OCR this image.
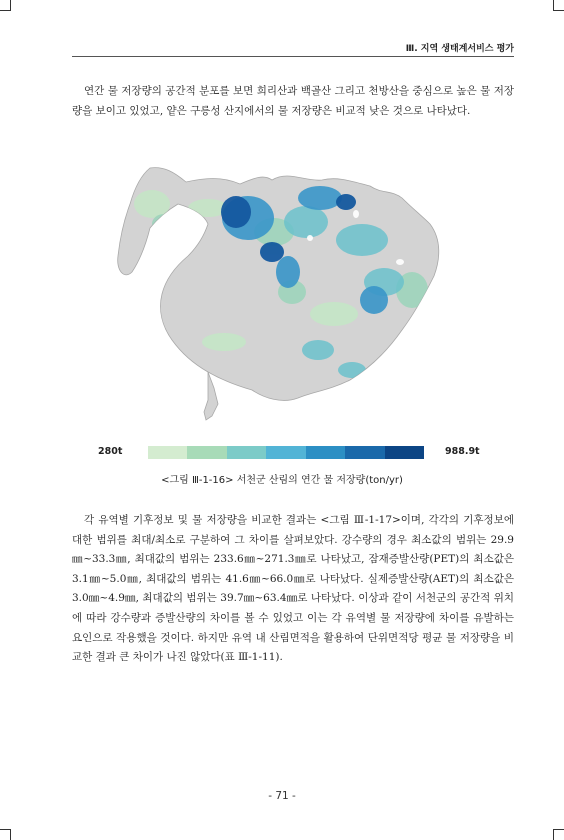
Ⅲ. 지역 생태계서비스 평가

연간 물 저장량의 공간적 분포를 보면 희리산과 백골산 그리고 천방산을 중심으로 높은 물 저장량을 보이고 있었고, 얕은 구릉성 산지에서의 물 저장량은 비교적 낮은 것으로 나타났다.

280t	988.9t
<그림 Ⅲ-1-16> 서천군 산림의 연간 물 저장량(ton/yr)

각 유역별 기후정보 및 물 저장량을 비교한 결과는 <그림 Ⅲ-1-17>이며, 각각의 기후정보에 대한 범위를 최대/최소로 구분하여 그 차이를 살펴보았다. 강수량의 경우 최소값의 범위는 29.9㎜~33.3㎜, 최대값의 범위는 233.6㎜~271.3㎜로 나타났고, 잠재증발산량(PET)의 최소값은 3.1㎜~5.0㎜, 최대값의 범위는 41.6㎜~66.0㎜로 나타났다. 실제증발산량(AET)의 최소값은 3.0㎜~4.9㎜, 최대값의 범위는 39.7㎜~63.4㎜로 나타났다. 이상과 같이 서천군의 공간적 위치에 따라 강수량과 증발산량의 차이를 볼 수 있었고 이는 각 유역별 물 저장량에 차이를 유발하는 요인으로 작용했을 것이다. 하지만 유역 내 산림면적을 활용하여 단위면적당 평균 물 저장량을 비교한 결과 큰 차이가 나진 않았다(표 Ⅲ-1-11).

- 71 -
